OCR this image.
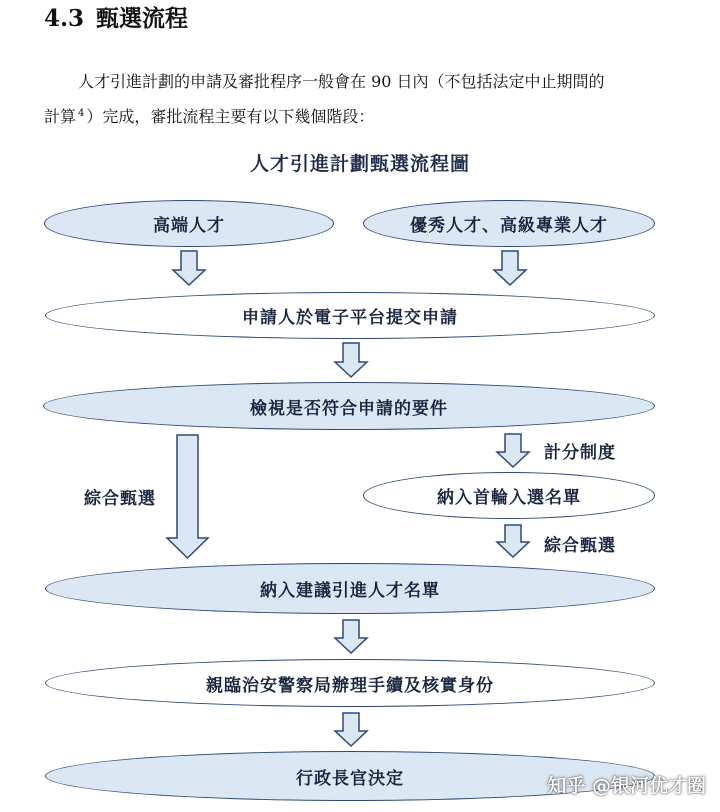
4.3 甄選流程
人才引進計劃的申請及審批程序一般會在 90 日內（不包括法定中止期間的
計算 $^4$ ）完成，審批流程主要有以下幾個階段：
人才引進計劃甄選流程圖
高端人才	優秀人才、高級專業人才
申請人於電子平台提交申請
檢視是否符合申請的要件
納入首輪入選名單
納入建議引進人才名單
親臨治安警察局辦理手續及核實身份
行政長官決定
計分制度
綜合甄選
綜合甄選
知乎 @银河优才圈
